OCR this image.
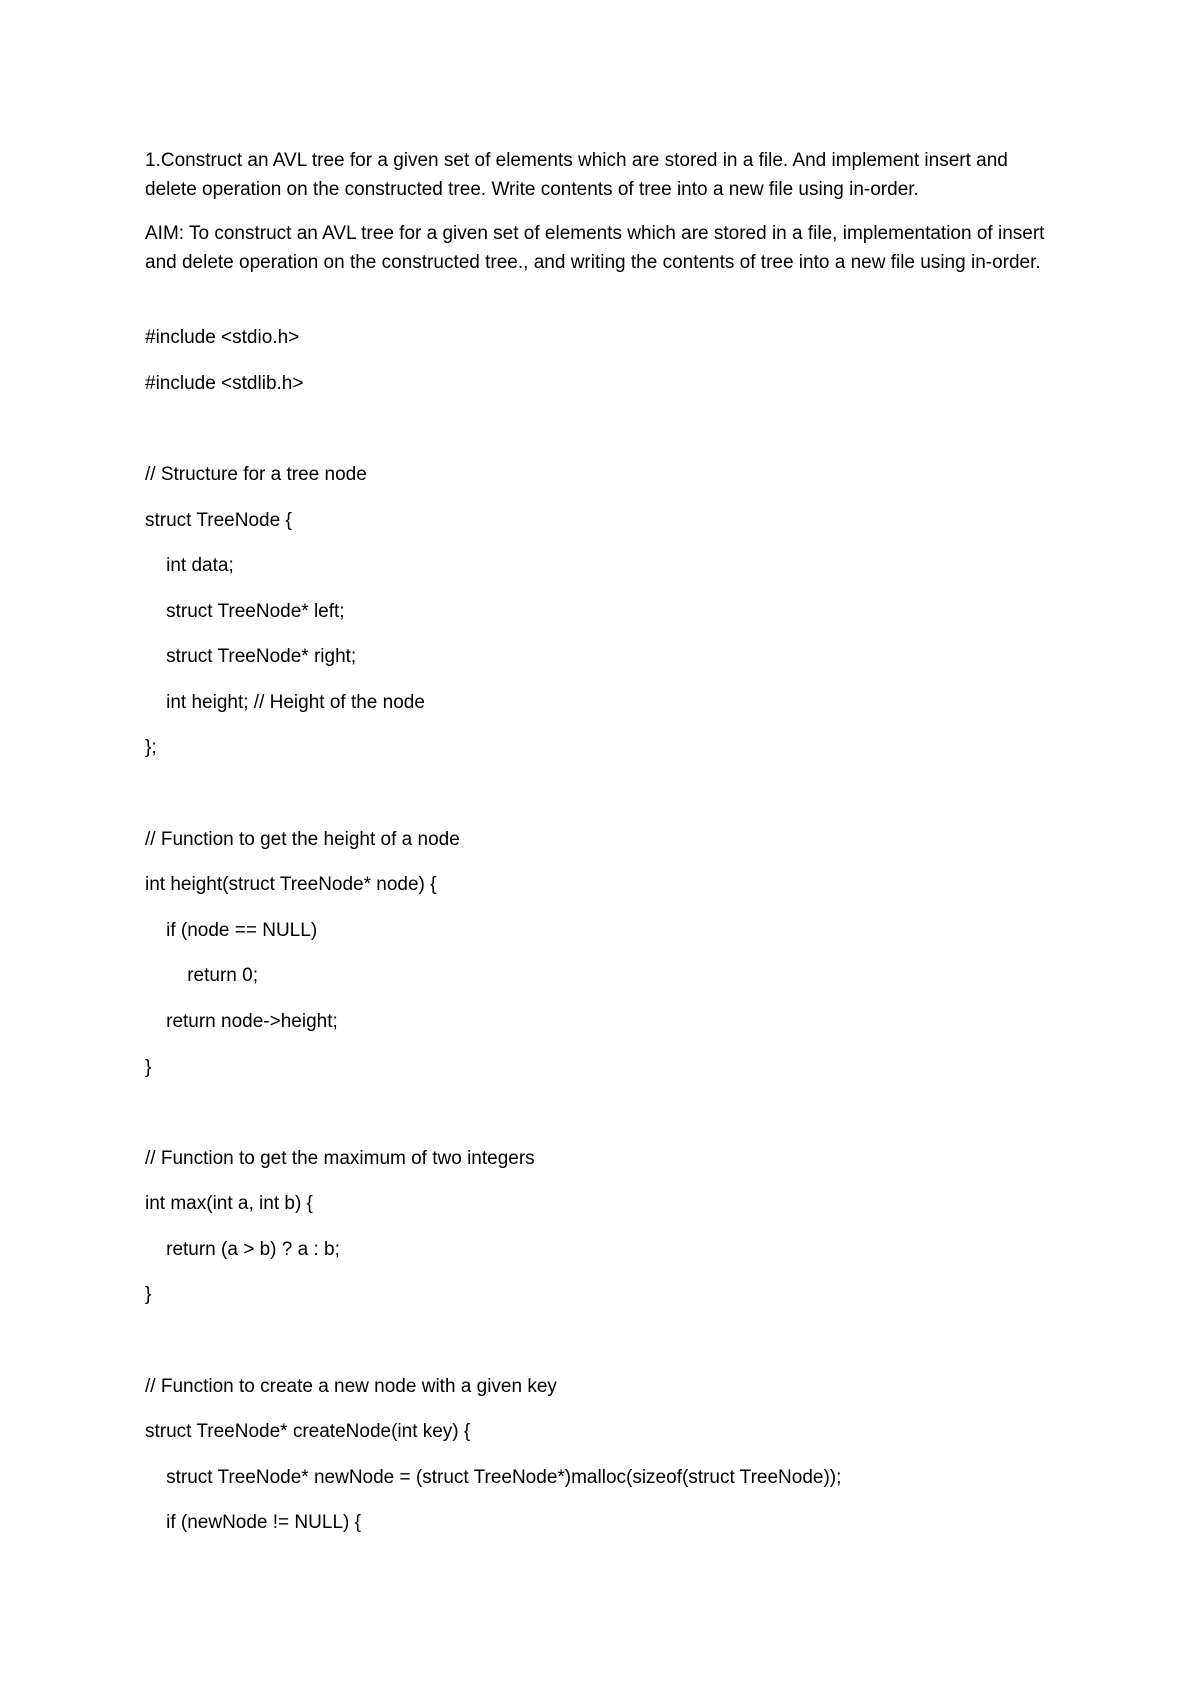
1.Construct an AVL tree for a given set of elements which are stored in a file. And implement insert and delete operation on the constructed tree. Write contents of tree into a new file using in-order.

AIM: To construct an AVL tree for a given set of elements which are stored in a file, implementation of insert and delete operation on the constructed tree., and writing the contents of tree into a new file using in-order.

#include <stdio.h>

#include <stdlib.h>

// Structure for a tree node

struct TreeNode {

int data;

struct TreeNode* left;

struct TreeNode* right;

int height; // Height of the node

};

// Function to get the height of a node

int height(struct TreeNode* node) {

if (node == NULL)

return 0;

return node->height;

}

// Function to get the maximum of two integers

int max(int a, int b) {

return (a > b) ? a : b;

}

// Function to create a new node with a given key

struct TreeNode* createNode(int key) {

struct TreeNode* newNode = (struct TreeNode*)malloc(sizeof(struct TreeNode));

if (newNode != NULL) {
